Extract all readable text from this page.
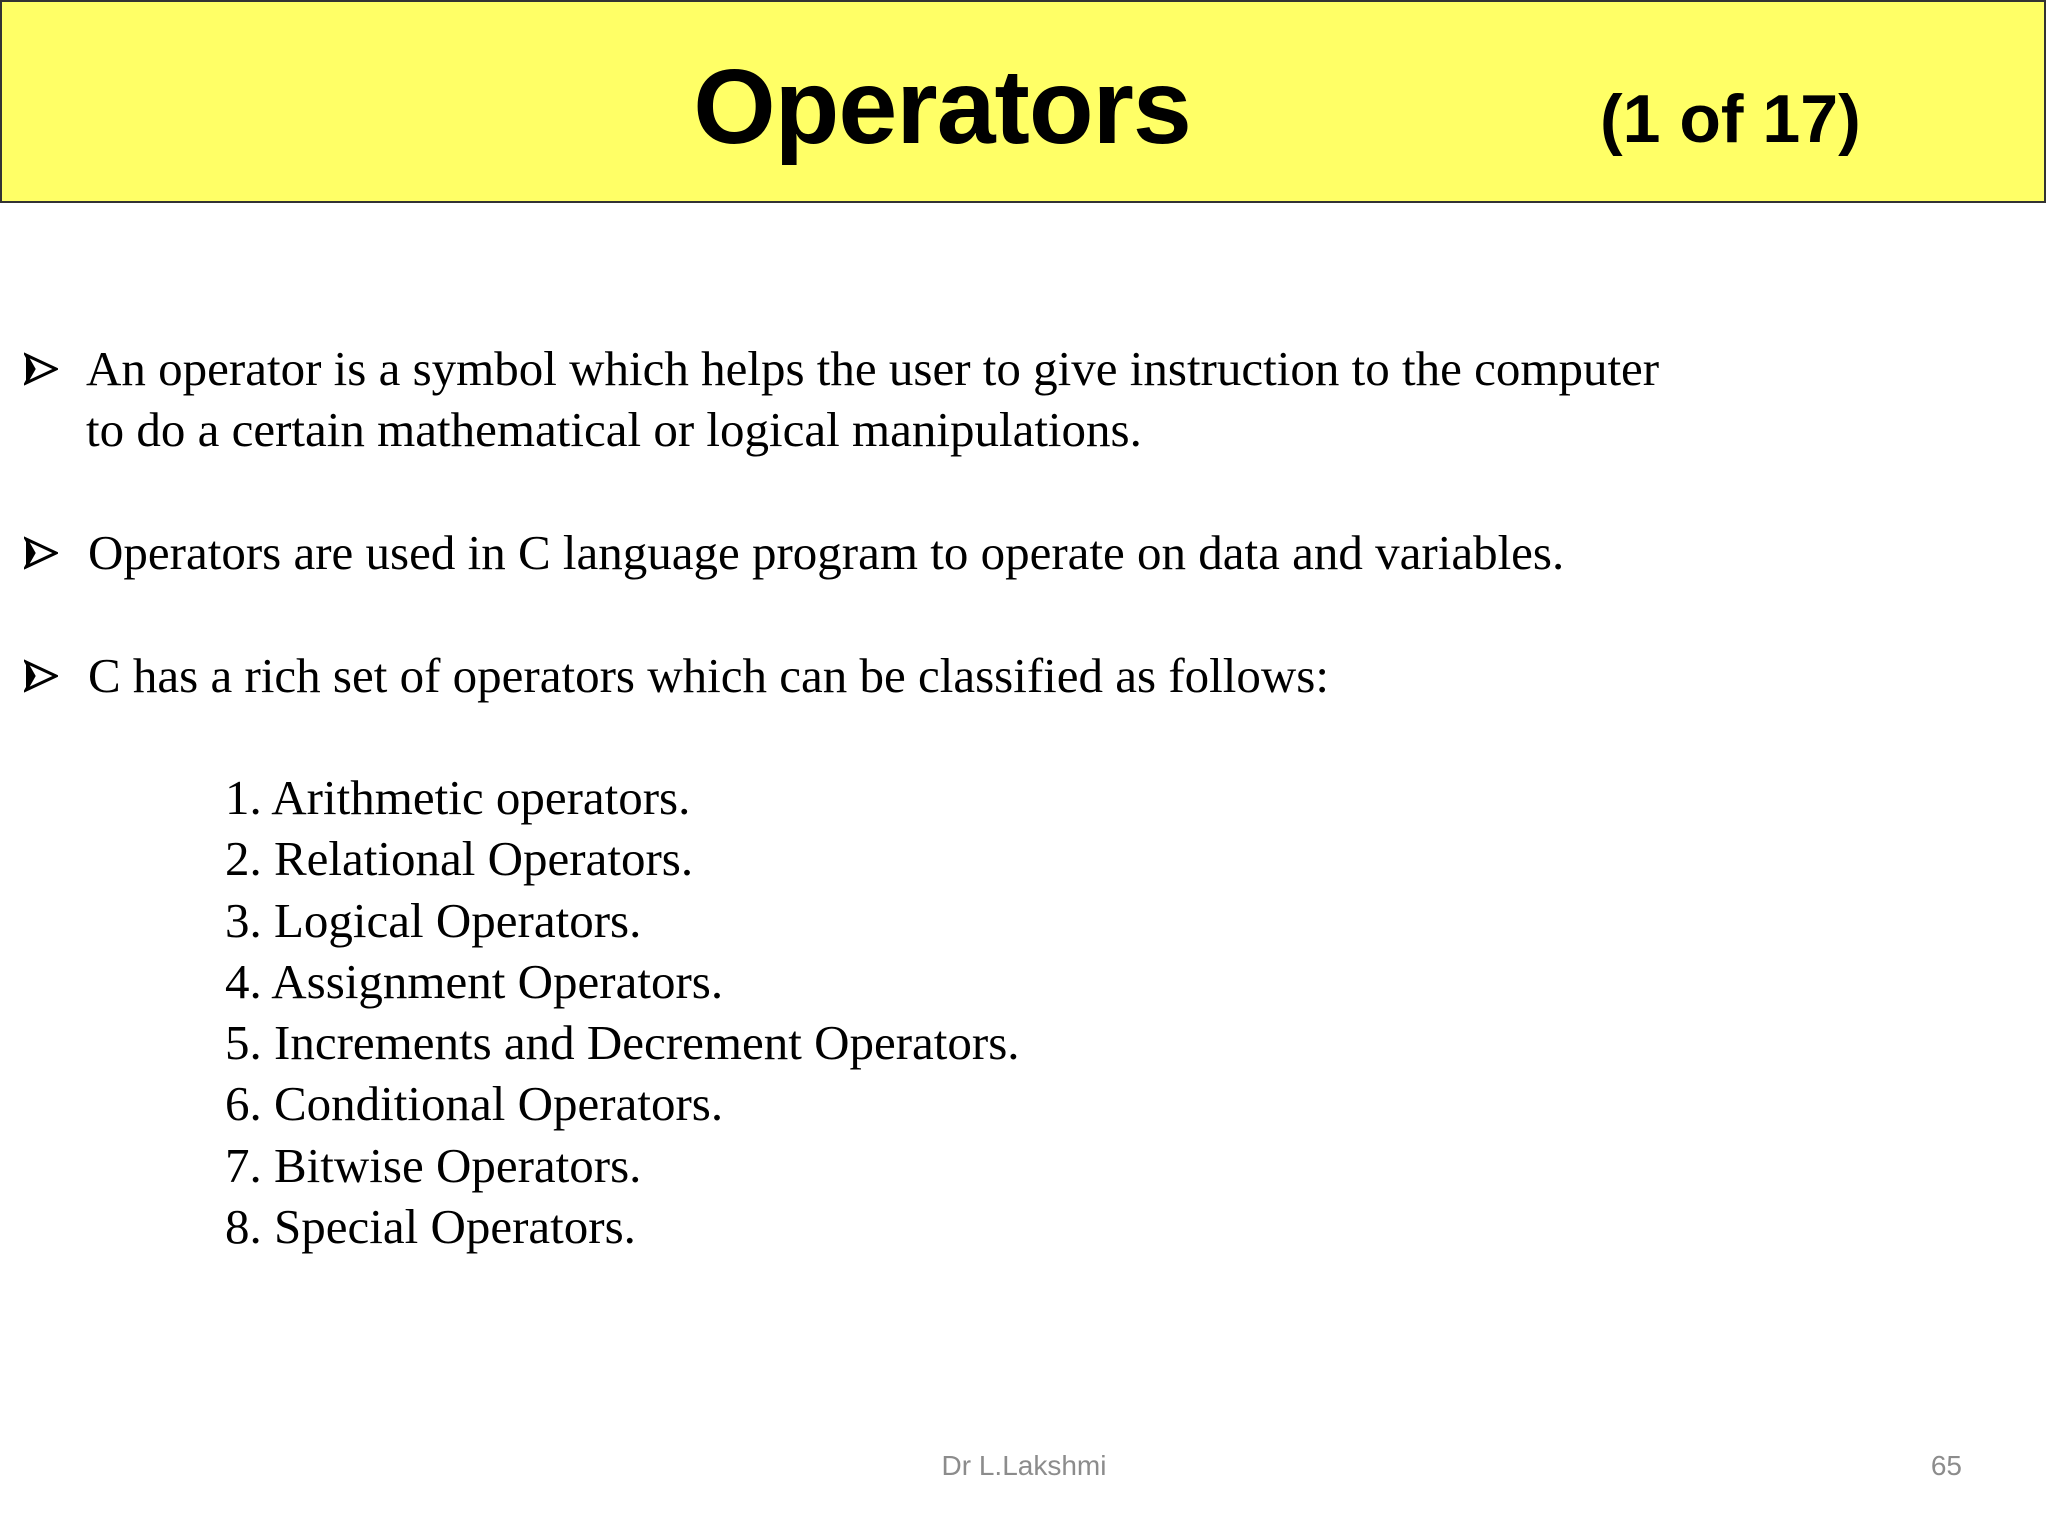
Operators	(1 of 17)
An operator is a symbol which helps the user to give instruction to the computer to do a certain mathematical or logical manipulations.
Operators are used in C language program to operate on data and variables.
C has a rich set of operators which can be classified as follows:
1. Arithmetic operators.
2. Relational Operators.
3. Logical Operators.
4. Assignment Operators.
5. Increments and Decrement Operators.
6. Conditional Operators.
7. Bitwise Operators.
8. Special Operators.
Dr L.Lakshmi	65
